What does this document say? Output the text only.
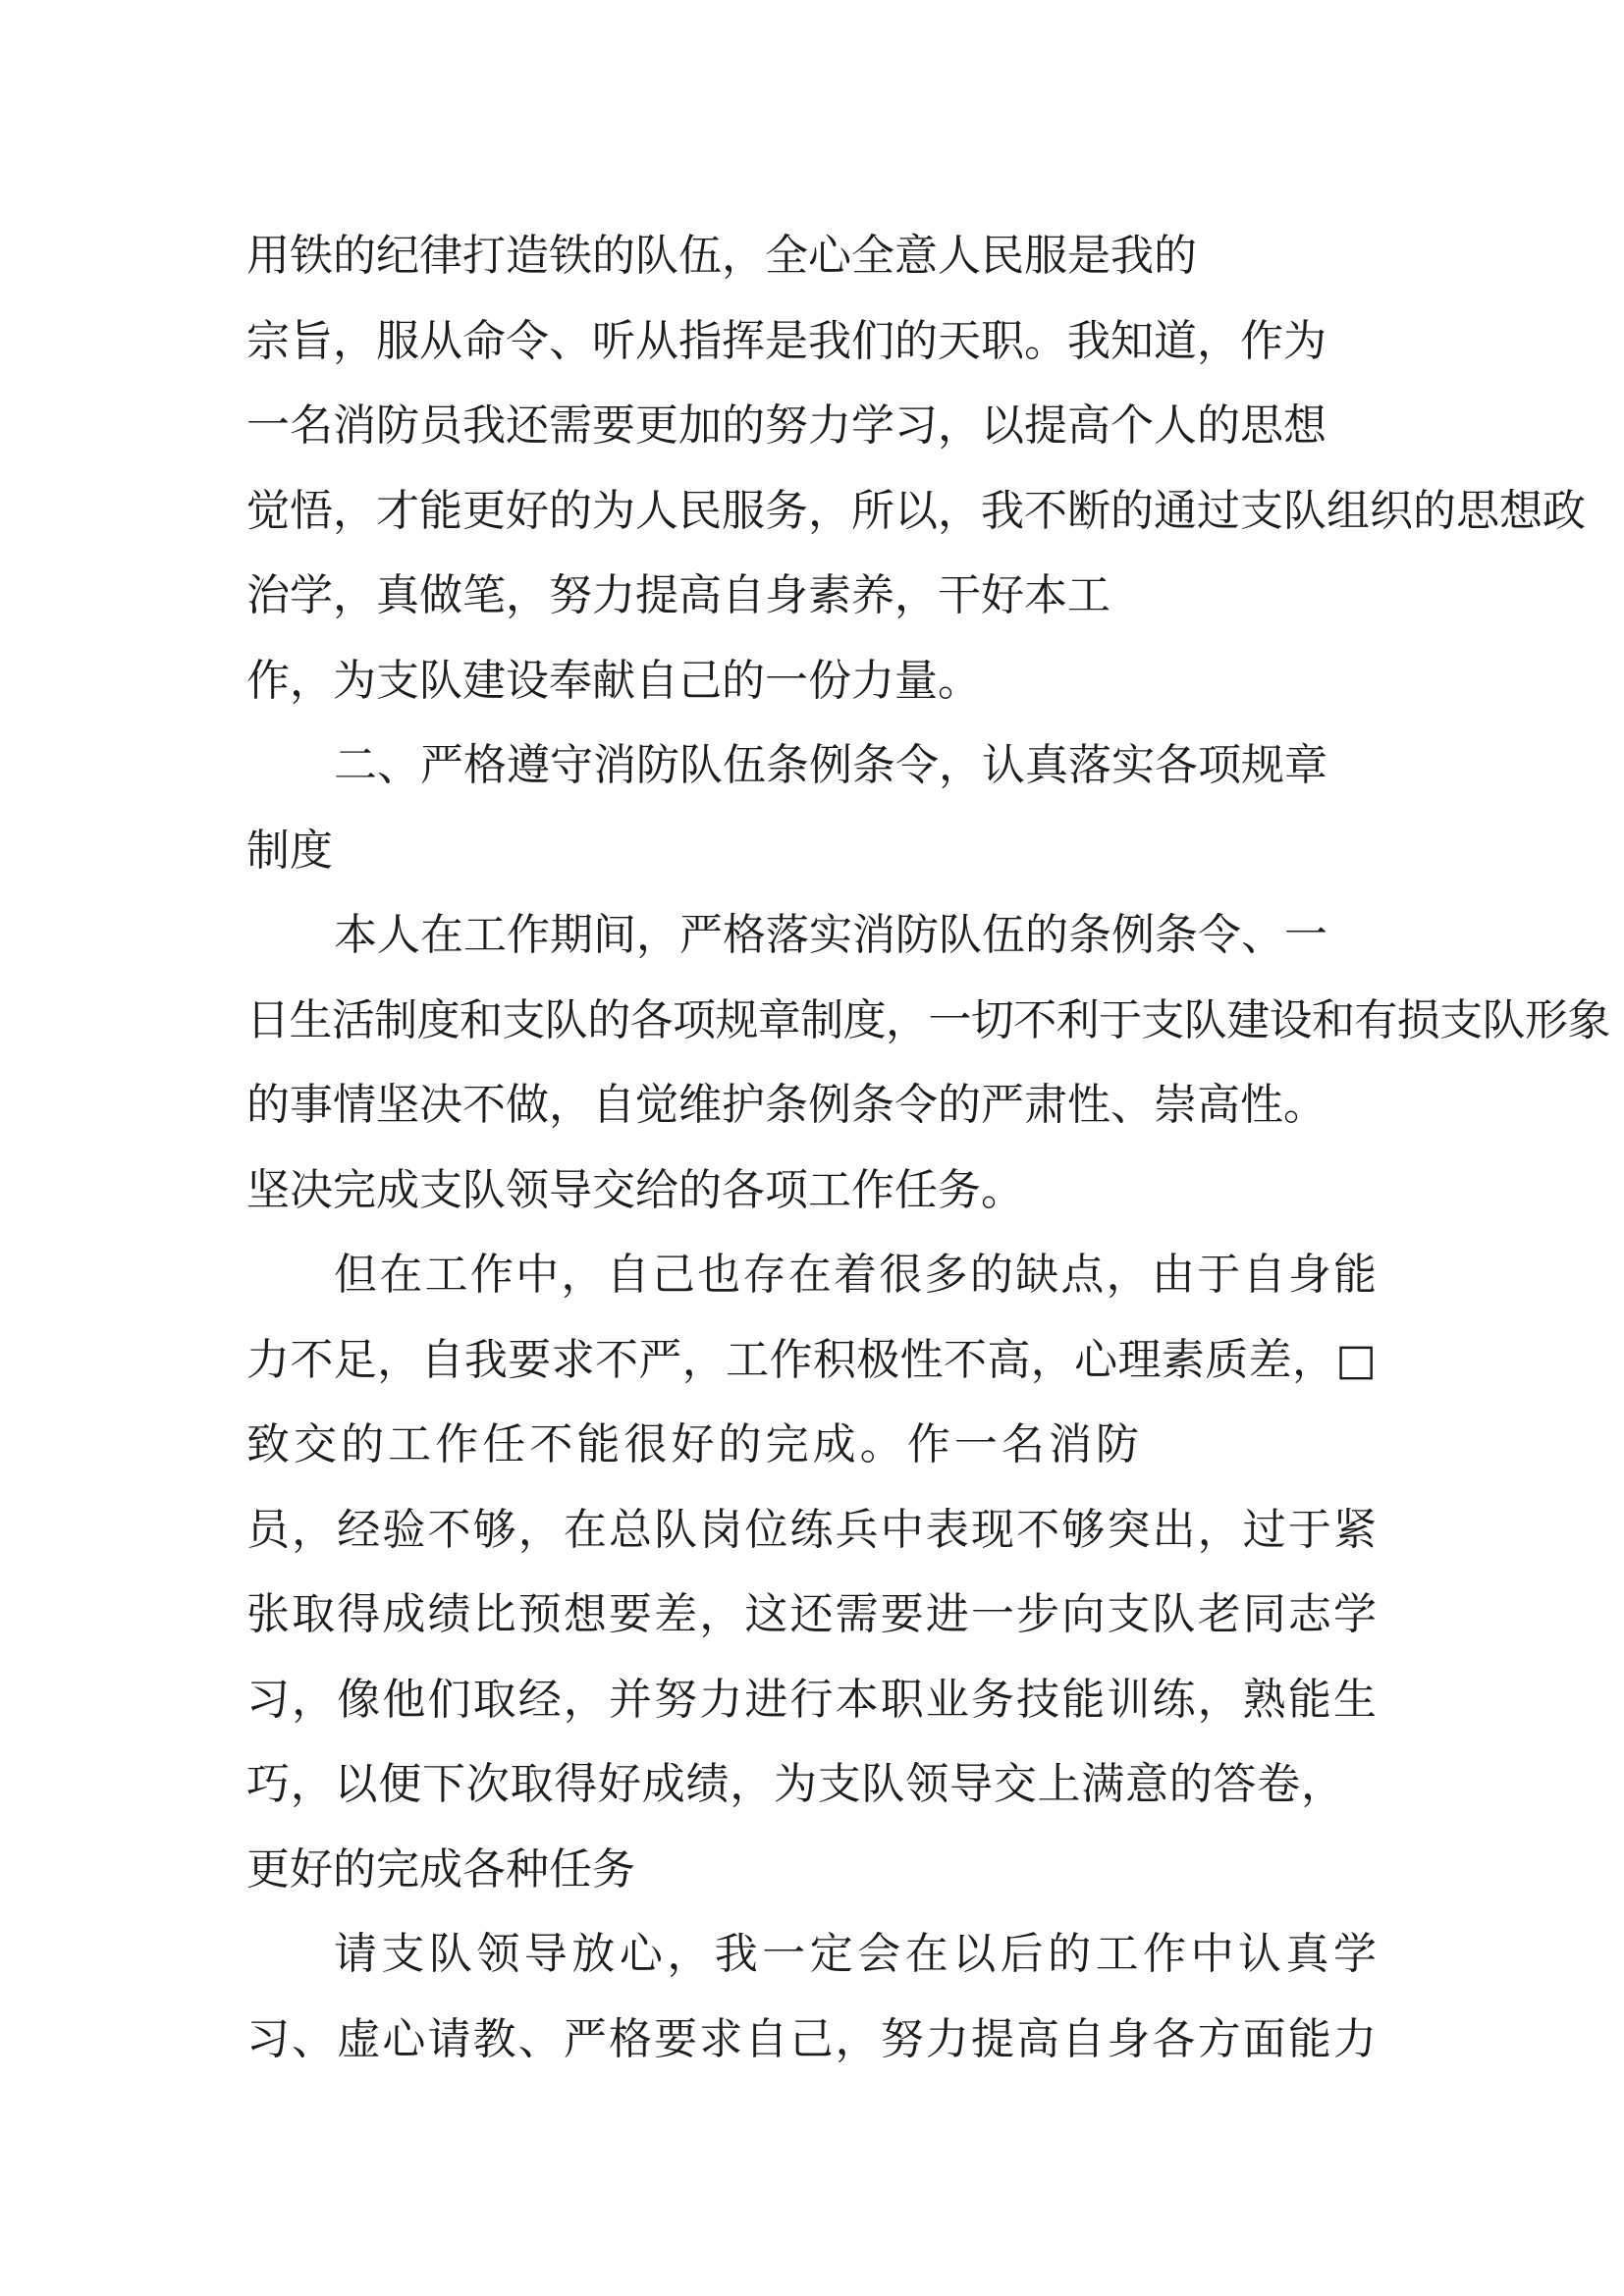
用铁的纪律打造铁的队伍，全心全意人民服是我的
宗旨，服从命令、听从指挥是我们的天职。我知道，作为
一名消防员我还需要更加的努力学习，以提高个人的思想
觉悟，才能更好的为人民服务，所以，我不断的通过支队组织的思想政
治学，真做笔，努力提高自身素养，干好本工
作，为支队建设奉献自己的一份力量。
二、严格遵守消防队伍条例条令，认真落实各项规章
制度
本人在工作期间，严格落实消防队伍的条例条令、一
日生活制度和支队的各项规章制度，一切不利于支队建设和有损支队形象
的事情坚决不做，自觉维护条例条令的严肃性、崇高性。
坚决完成支队领导交给的各项工作任务。
但在工作中，自己也存在着很多的缺点，由于自身能
力不足，自我要求不严，工作积极性不高，心理素质差，□
致交的工作任不能很好的完成。作一名消防
员，经验不够，在总队岗位练兵中表现不够突出，过于紧
张取得成绩比预想要差，这还需要进一步向支队老同志学
习，像他们取经，并努力进行本职业务技能训练，熟能生
巧，以便下次取得好成绩，为支队领导交上满意的答卷，
更好的完成各种任务
请支队领导放心，我一定会在以后的工作中认真学
习、虚心请教、严格要求自己，努力提高自身各方面能力
